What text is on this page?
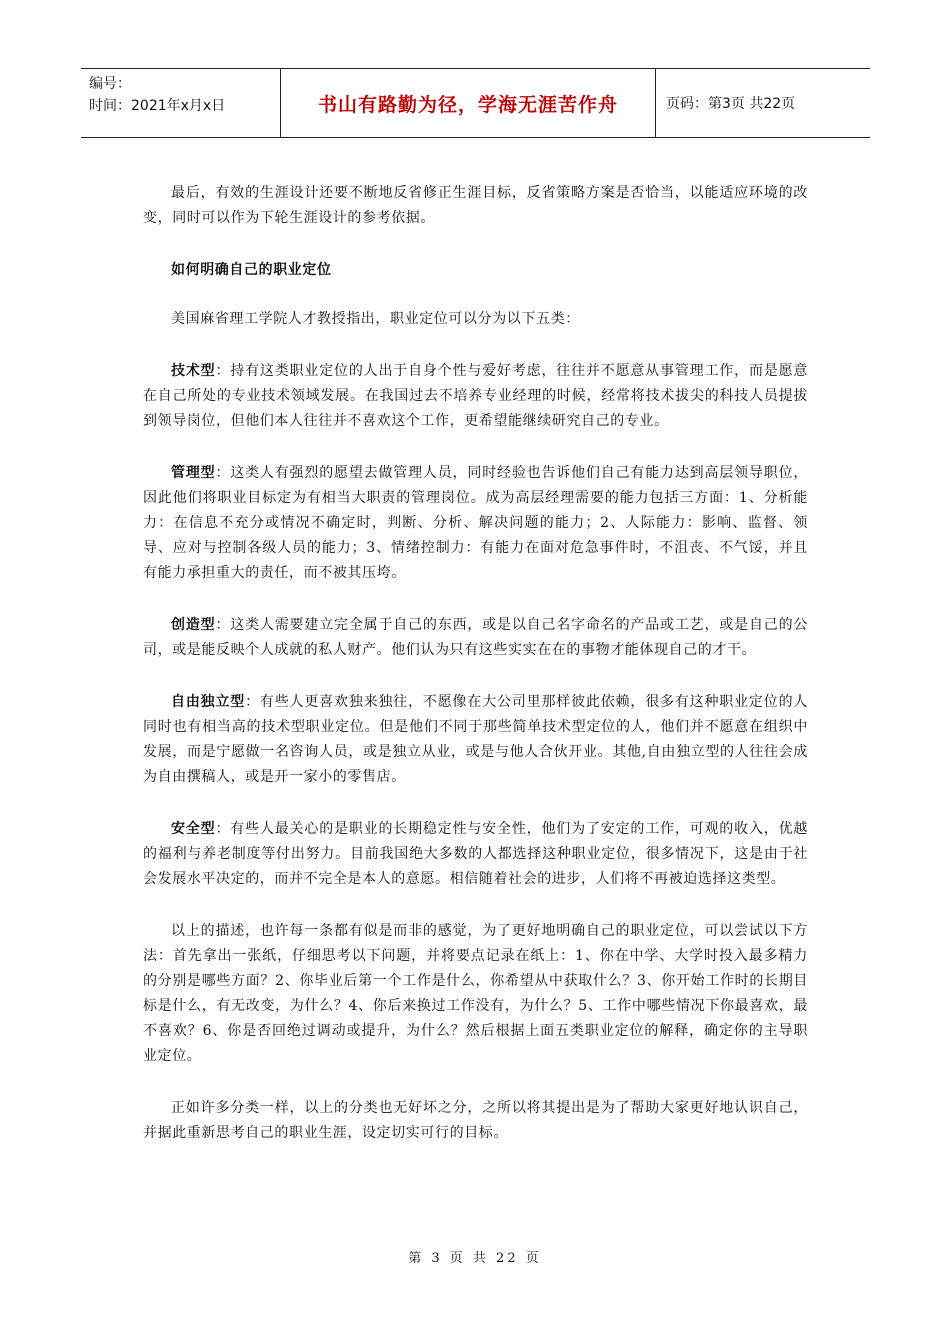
编号：
时间：2021年x月x日	书山有路勤为径，学海无涯苦作舟	页码：第3页 共22页

最后，有效的生涯设计还要不断地反省修正生涯目标，反省策略方案是否恰当，以能适应环境的改变，同时可以作为下轮生涯设计的参考依据。

如何明确自己的职业定位

美国麻省理工学院人才教授指出，职业定位可以分为以下五类：

技术型：持有这类职业定位的人出于自身个性与爱好考虑，往往并不愿意从事管理工作，而是愿意在自己所处的专业技术领域发展。在我国过去不培养专业经理的时候，经常将技术拔尖的科技人员提拔到领导岗位，但他们本人往往并不喜欢这个工作，更希望能继续研究自己的专业。

管理型：这类人有强烈的愿望去做管理人员，同时经验也告诉他们自己有能力达到高层领导职位，因此他们将职业目标定为有相当大职责的管理岗位。成为高层经理需要的能力包括三方面：1、分析能力：在信息不充分或情况不确定时，判断、分析、解决问题的能力；2、人际能力：影响、监督、领导、应对与控制各级人员的能力；3、情绪控制力：有能力在面对危急事件时，不沮丧、不气馁，并且有能力承担重大的责任，而不被其压垮。

创造型：这类人需要建立完全属于自己的东西，或是以自己名字命名的产品或工艺，或是自己的公司，或是能反映个人成就的私人财产。他们认为只有这些实实在在的事物才能体现自己的才干。

自由独立型：有些人更喜欢独来独往，不愿像在大公司里那样彼此依赖，很多有这种职业定位的人同时也有相当高的技术型职业定位。但是他们不同于那些简单技术型定位的人，他们并不愿意在组织中发展，而是宁愿做一名咨询人员，或是独立从业，或是与他人合伙开业。其他,自由独立型的人往往会成为自由撰稿人，或是开一家小的零售店。

安全型：有些人最关心的是职业的长期稳定性与安全性，他们为了安定的工作，可观的收入，优越的福利与养老制度等付出努力。目前我国绝大多数的人都选择这种职业定位，很多情况下，这是由于社会发展水平决定的，而并不完全是本人的意愿。相信随着社会的进步，人们将不再被迫选择这类型。

以上的描述，也许每一条都有似是而非的感觉，为了更好地明确自己的职业定位，可以尝试以下方法：首先拿出一张纸，仔细思考以下问题，并将要点记录在纸上：1、你在中学、大学时投入最多精力的分别是哪些方面？2、你毕业后第一个工作是什么，你希望从中获取什么？3、你开始工作时的长期目标是什么，有无改变，为什么？4、你后来换过工作没有，为什么？5、工作中哪些情况下你最喜欢，最不喜欢？6、你是否回绝过调动或提升，为什么？然后根据上面五类职业定位的解释，确定你的主导职业定位。

正如许多分类一样，以上的分类也无好坏之分，之所以将其提出是为了帮助大家更好地认识自己，并据此重新思考自己的职业生涯，设定切实可行的目标。

第 3 页 共 22 页
